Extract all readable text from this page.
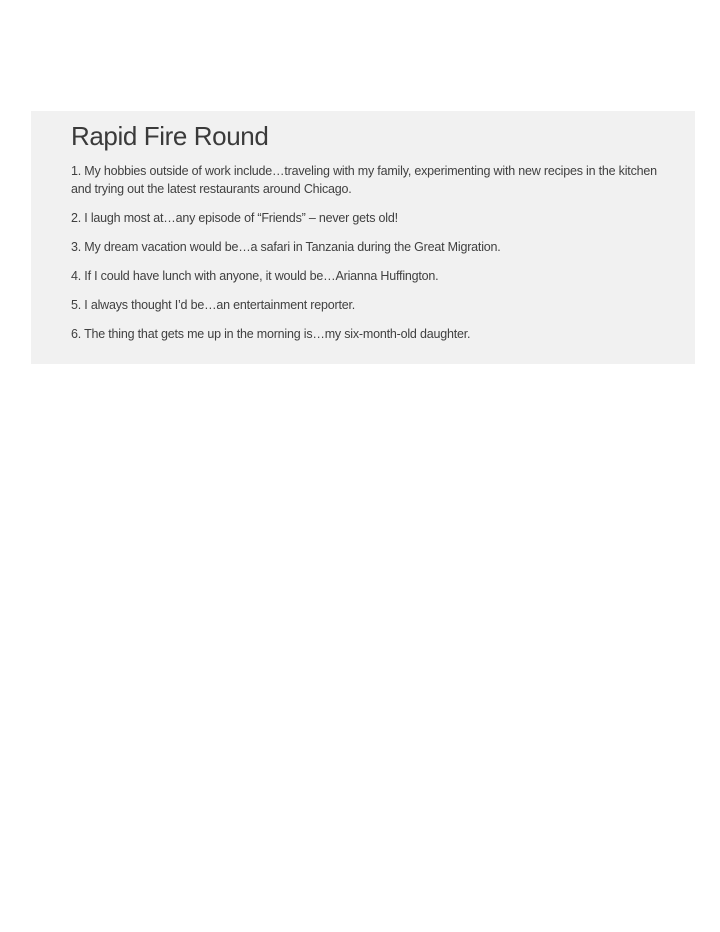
Rapid Fire Round

1. My hobbies outside of work include…traveling with my family, experimenting with new recipes in the kitchen and trying out the latest restaurants around Chicago.

2. I laugh most at…any episode of “Friends” – never gets old!

3. My dream vacation would be…a safari in Tanzania during the Great Migration.

4. If I could have lunch with anyone, it would be…Arianna Huffington.

5. I always thought I’d be…an entertainment reporter.

6. The thing that gets me up in the morning is…my six-month-old daughter.
